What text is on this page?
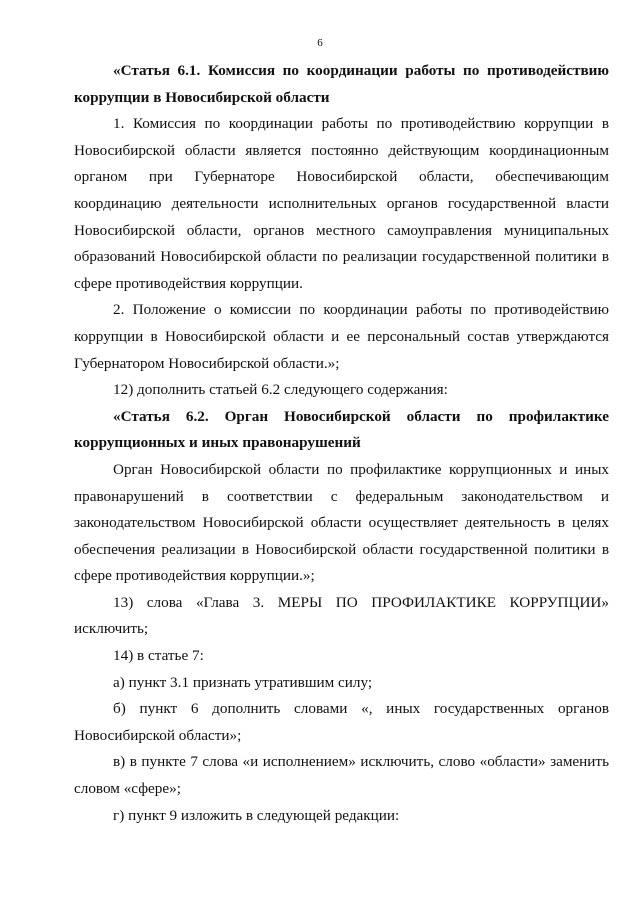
6

«Статья 6.1. Комиссия по координации работы по противодействию коррупции в Новосибирской области

1. Комиссия по координации работы по противодействию коррупции в Новосибирской области является постоянно действующим координационным органом при Губернаторе Новосибирской области, обеспечивающим координацию деятельности исполнительных органов государственной власти Новосибирской области, органов местного самоуправления муниципальных образований Новосибирской области по реализации государственной политики в сфере противодействия коррупции.

2. Положение о комиссии по координации работы по противодействию коррупции в Новосибирской области и ее персональный состав утверждаются Губернатором Новосибирской области.»;

12) дополнить статьей 6.2 следующего содержания:

«Статья 6.2. Орган Новосибирской области по профилактике коррупционных и иных правонарушений

Орган Новосибирской области по профилактике коррупционных и иных правонарушений в соответствии с федеральным законодательством и законодательством Новосибирской области осуществляет деятельность в целях обеспечения реализации в Новосибирской области государственной политики в сфере противодействия коррупции.»;

13) слова «Глава 3. МЕРЫ ПО ПРОФИЛАКТИКЕ КОРРУПЦИИ» исключить;

14) в статье 7:

а) пункт 3.1 признать утратившим силу;

б) пункт 6 дополнить словами «, иных государственных органов Новосибирской области»;

в) в пункте 7 слова «и исполнением» исключить, слово «области» заменить словом «сфере»;

г) пункт 9 изложить в следующей редакции:
